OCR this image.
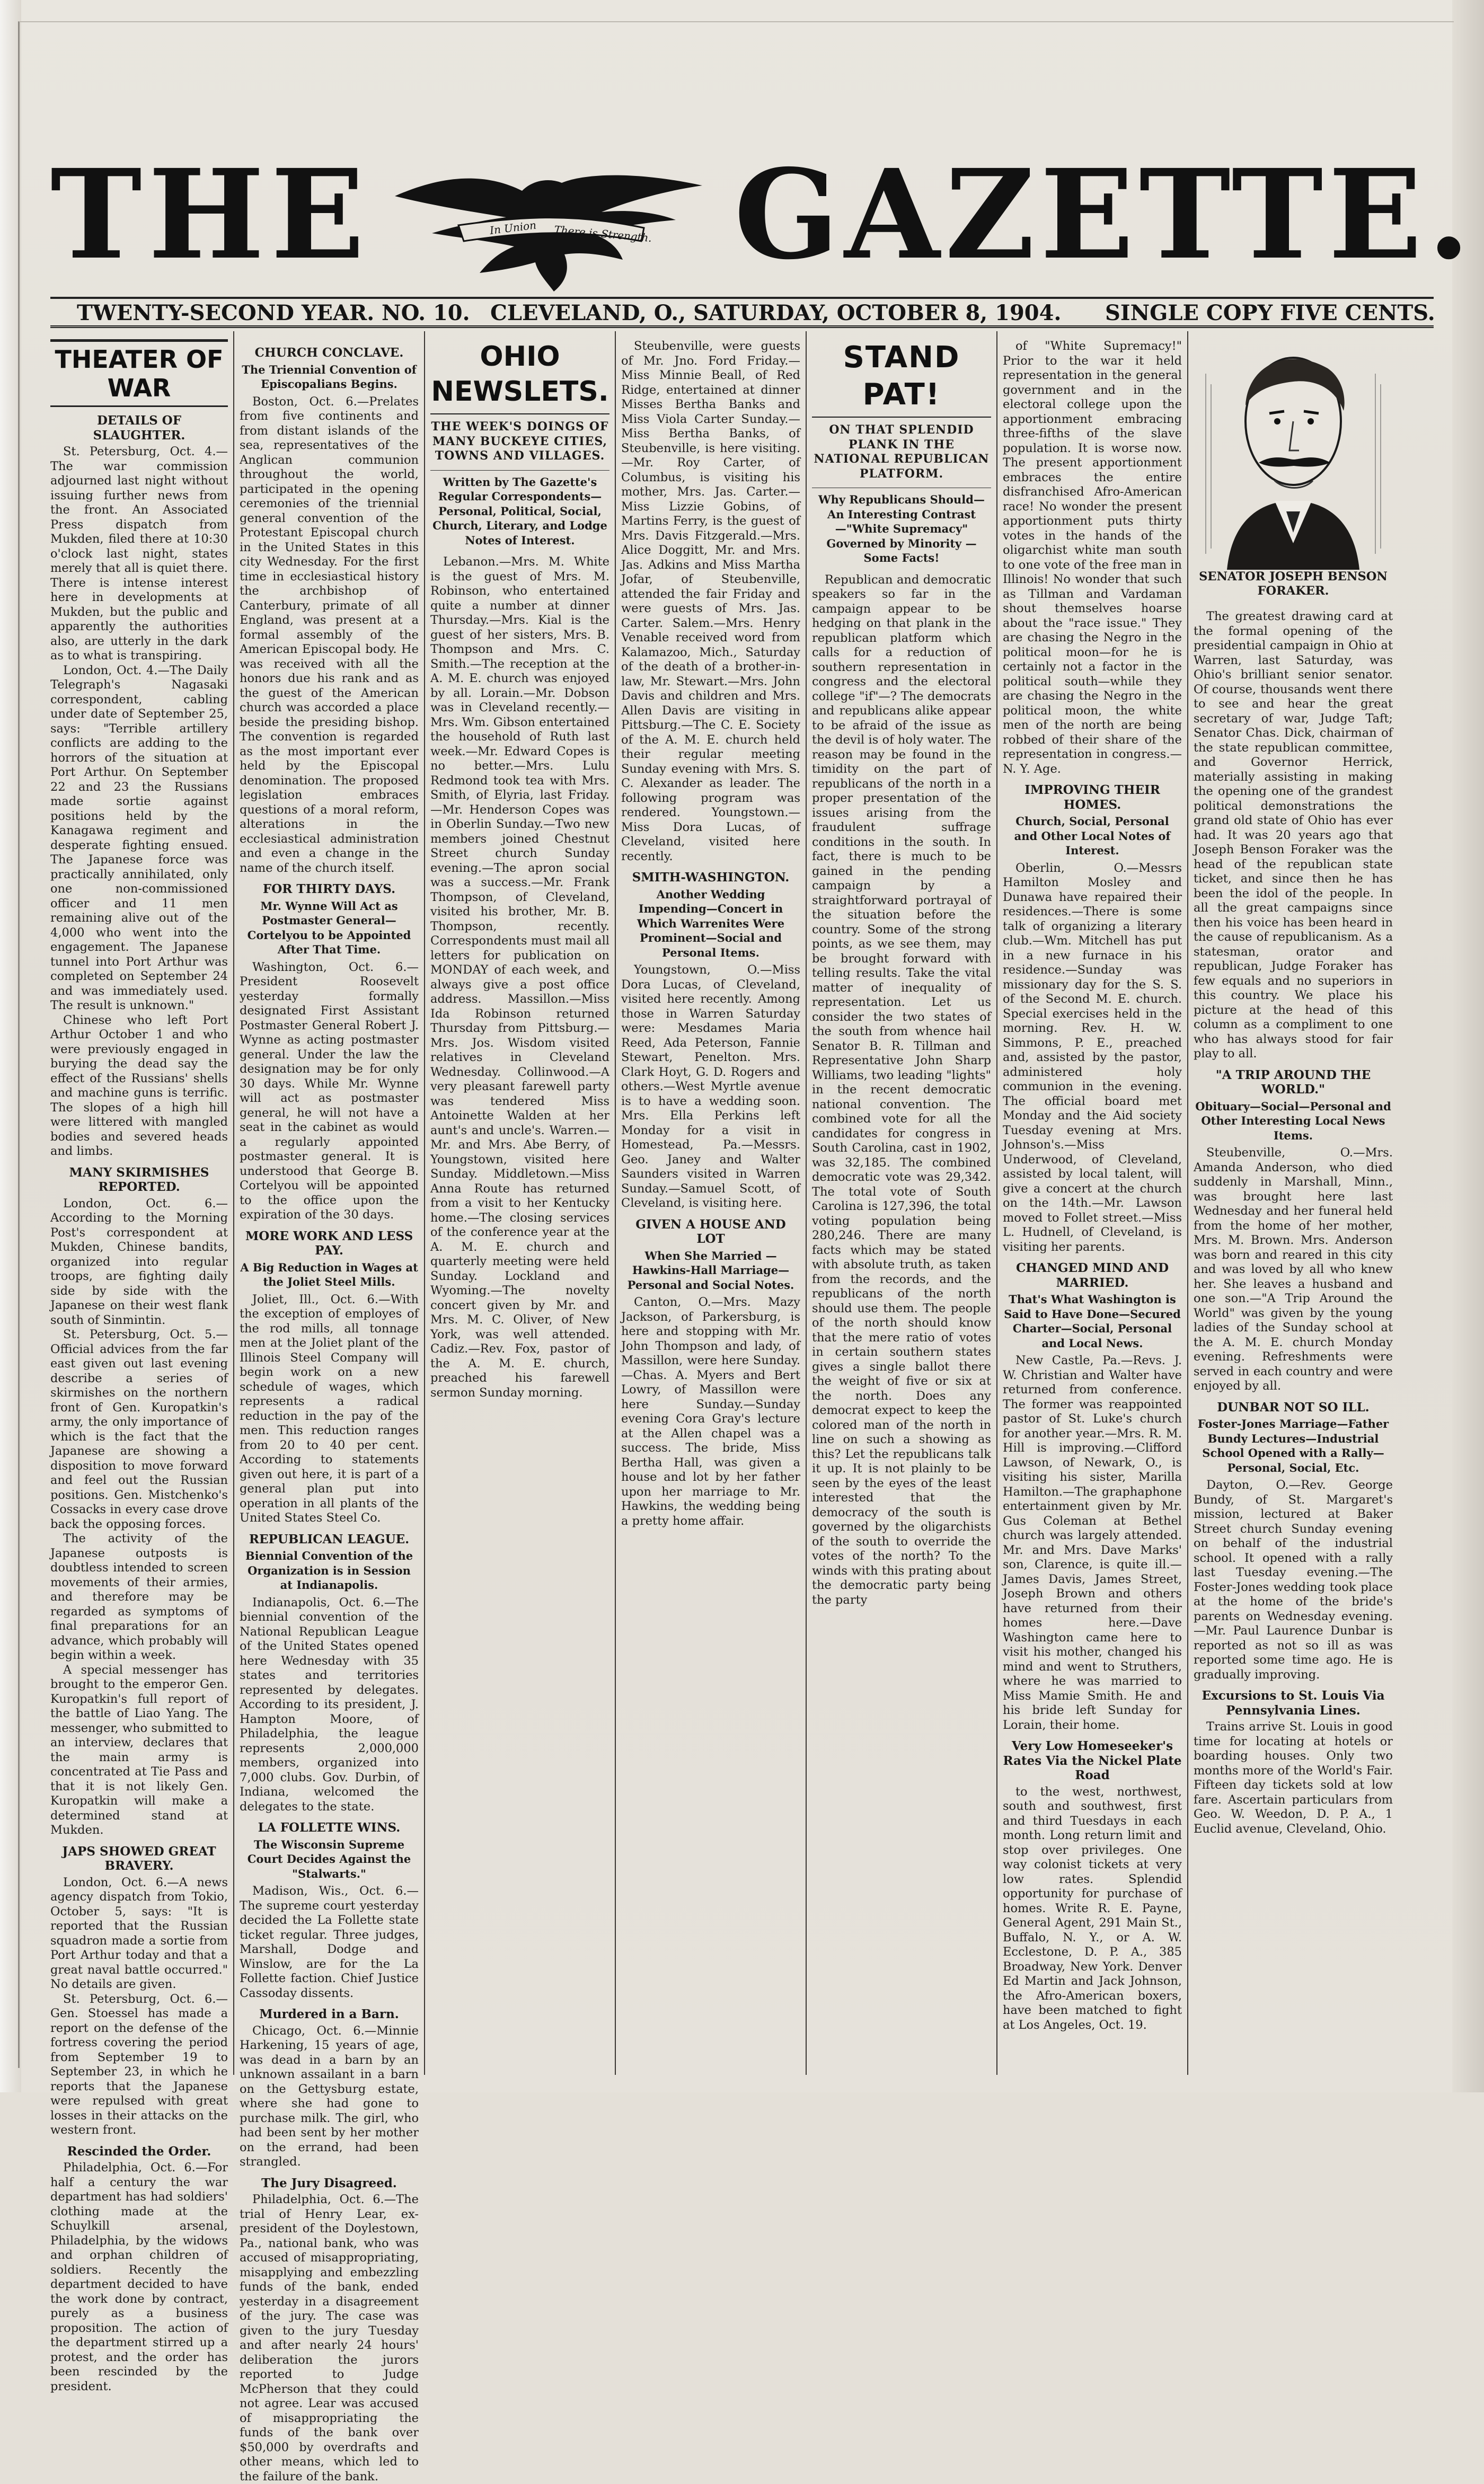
THE	In Union There is Strength. GAZETTE.
TWENTY-SECOND YEAR. NO. 10. CLEVELAND, O., SATURDAY, OCTOBER 8, 1904. SINGLE COPY FIVE CENTS.
THEATER OF WAR
DETAILS OF SLAUGHTER.

St. Petersburg, Oct. 4.—The war commission adjourned last night without issuing further news from the front. An Associated Press dispatch from Mukden, filed there at 10:30 o'clock last night, states merely that all is quiet there. There is intense interest here in developments at Mukden, but the public and apparently the authorities also, are utterly in the dark as to what is transpiring.

London, Oct. 4.—The Daily Telegraph's Nagasaki correspondent, cabling under date of September 25, says: "Terrible artillery conflicts are adding to the horrors of the situation at Port Arthur. On September 22 and 23 the Russians made sortie against positions held by the Kanagawa regiment and desperate fighting ensued. The Japanese force was practically annihilated, only one non-commissioned officer and 11 men remaining alive out of the 4,000 who went into the engagement. The Japanese tunnel into Port Arthur was completed on September 24 and was immediately used. The result is unknown."

Chinese who left Port Arthur October 1 and who were previously engaged in burying the dead say the effect of the Russians' shells and machine guns is terrific. The slopes of a high hill were littered with mangled bodies and severed heads and limbs.

MANY SKIRMISHES REPORTED.

London, Oct. 6.—According to the Morning Post's correspondent at Mukden, Chinese bandits, organized into regular troops, are fighting daily side by side with the Japanese on their west flank south of Sinmintin.

St. Petersburg, Oct. 5.—Official advices from the far east given out last evening describe a series of skirmishes on the northern front of Gen. Kuropatkin's army, the only importance of which is the fact that the Japanese are showing a disposition to move forward and feel out the Russian positions. Gen. Mistchenko's Cossacks in every case drove back the opposing forces.

The activity of the Japanese outposts is doubtless intended to screen movements of their armies, and therefore may be regarded as symptoms of final preparations for an advance, which probably will begin within a week.

A special messenger has brought to the emperor Gen. Kuropatkin's full report of the battle of Liao Yang. The messenger, who submitted to an interview, declares that the main army is concentrated at Tie Pass and that it is not likely Gen. Kuropatkin will make a determined stand at Mukden.

JAPS SHOWED GREAT BRAVERY.

London, Oct. 6.—A news agency dispatch from Tokio, October 5, says: "It is reported that the Russian squadron made a sortie from Port Arthur today and that a great naval battle occurred." No details are given.

St. Petersburg, Oct. 6.—Gen. Stoessel has made a report on the defense of the fortress covering the period from September 19 to September 23, in which he reports that the Japanese were repulsed with great losses in their attacks on the western front.

Rescinded the Order.

Philadelphia, Oct. 6.—For half a century the war department has had soldiers' clothing made at the Schuylkill arsenal, Philadelphia, by the widows and orphan children of soldiers. Recently the department decided to have the work done by contract, purely as a business proposition. The action of the department stirred up a protest, and the order has been rescinded by the president.

CHURCH CONCLAVE.
The Triennial Convention of Episcopalians Begins.

Boston, Oct. 6.—Prelates from five continents and from distant islands of the sea, representatives of the Anglican communion throughout the world, participated in the opening ceremonies of the triennial general convention of the Protestant Episcopal church in the United States in this city Wednesday. For the first time in ecclesiastical history the archbishop of Canterbury, primate of all England, was present at a formal assembly of the American Episcopal body. He was received with all the honors due his rank and as the guest of the American church was accorded a place beside the presiding bishop. The convention is regarded as the most important ever held by the Episcopal denomination. The proposed legislation embraces questions of a moral reform, alterations in the ecclesiastical administration and even a change in the name of the church itself.

FOR THIRTY DAYS.
Mr. Wynne Will Act as Postmaster General—Cortelyou to be Appointed After That Time.

Washington, Oct. 6.—President Roosevelt yesterday formally designated First Assistant Postmaster General Robert J. Wynne as acting postmaster general. Under the law the designation may be for only 30 days. While Mr. Wynne will act as postmaster general, he will not have a seat in the cabinet as would a regularly appointed postmaster general. It is understood that George B. Cortelyou will be appointed to the office upon the expiration of the 30 days.

MORE WORK AND LESS PAY.
A Big Reduction in Wages at the Joliet Steel Mills.

Joliet, Ill., Oct. 6.—With the exception of employes of the rod mills, all tonnage men at the Joliet plant of the Illinois Steel Company will begin work on a new schedule of wages, which represents a radical reduction in the pay of the men. This reduction ranges from 20 to 40 per cent. According to statements given out here, it is part of a general plan put into operation in all plants of the United States Steel Co.

REPUBLICAN LEAGUE.
Biennial Convention of the Organization is in Session at Indianapolis.

Indianapolis, Oct. 6.—The biennial convention of the National Republican League of the United States opened here Wednesday with 35 states and territories represented by delegates. According to its president, J. Hampton Moore, of Philadelphia, the league represents 2,000,000 members, organized into 7,000 clubs. Gov. Durbin, of Indiana, welcomed the delegates to the state.

LA FOLLETTE WINS.
The Wisconsin Supreme Court Decides Against the "Stalwarts."

Madison, Wis., Oct. 6.—The supreme court yesterday decided the La Follette state ticket regular. Three judges, Marshall, Dodge and Winslow, are for the La Follette faction. Chief Justice Cassoday dissents.

Murdered in a Barn.

Chicago, Oct. 6.—Minnie Harkening, 15 years of age, was dead in a barn by an unknown assailant in a barn on the Gettysburg estate, where she had gone to purchase milk. The girl, who had been sent by her mother on the errand, had been strangled.

The Jury Disagreed.

Philadelphia, Oct. 6.—The trial of Henry Lear, ex-president of the Doylestown, Pa., national bank, who was accused of misappropriating, misapplying and embezzling funds of the bank, ended yesterday in a disagreement of the jury. The case was given to the jury Tuesday and after nearly 24 hours' deliberation the jurors reported to Judge McPherson that they could not agree. Lear was accused of misappropriating the funds of the bank over $50,000 by overdrafts and other means, which led to the failure of the bank.

OHIO NEWSLETS.
THE WEEK'S DOINGS OF MANY BUCKEYE CITIES, TOWNS AND VILLAGES.
Written by The Gazette's Regular Correspondents—Personal, Political, Social, Church, Literary, and Lodge Notes of Interest.

Lebanon.—Mrs. M. White is the guest of Mrs. M. Robinson, who entertained quite a number at dinner Thursday.—Mrs. Kial is the guest of her sisters, Mrs. B. Thompson and Mrs. C. Smith.—The reception at the A. M. E. church was enjoyed by all. Lorain.—Mr. Dobson was in Cleveland recently.—Mrs. Wm. Gibson entertained the household of Ruth last week.—Mr. Edward Copes is no better.—Mrs. Lulu Redmond took tea with Mrs. Smith, of Elyria, last Friday.—Mr. Henderson Copes was in Oberlin Sunday.—Two new members joined Chestnut Street church Sunday evening.—The apron social was a success.—Mr. Frank Thompson, of Cleveland, visited his brother, Mr. B. Thompson, recently. Correspondents must mail all letters for publication on MONDAY of each week, and always give a post office address. Massillon.—Miss Ida Robinson returned Thursday from Pittsburg.—Mrs. Jos. Wisdom visited relatives in Cleveland Wednesday. Collinwood.—A very pleasant farewell party was tendered Miss Antoinette Walden at her aunt's and uncle's. Warren.—Mr. and Mrs. Abe Berry, of Youngstown, visited here Sunday. Middletown.—Miss Anna Route has returned from a visit to her Kentucky home.—The closing services of the conference year at the A. M. E. church and quarterly meeting were held Sunday. Lockland and Wyoming.—The novelty concert given by Mr. and Mrs. M. C. Oliver, of New York, was well attended. Cadiz.—Rev. Fox, pastor of the A. M. E. church, preached his farewell sermon Sunday morning.

Steubenville, were guests of Mr. Jno. Ford Friday.—Miss Minnie Beall, of Red Ridge, entertained at dinner Misses Bertha Banks and Miss Viola Carter Sunday.—Miss Bertha Banks, of Steubenville, is here visiting.—Mr. Roy Carter, of Columbus, is visiting his mother, Mrs. Jas. Carter.—Miss Lizzie Gobins, of Martins Ferry, is the guest of Mrs. Davis Fitzgerald.—Mrs. Alice Doggitt, Mr. and Mrs. Jas. Adkins and Miss Martha Jofar, of Steubenville, attended the fair Friday and were guests of Mrs. Jas. Carter. Salem.—Mrs. Henry Venable received word from Kalamazoo, Mich., Saturday of the death of a brother-in-law, Mr. Stewart.—Mrs. John Davis and children and Mrs. Allen Davis are visiting in Pittsburg.—The C. E. Society of the A. M. E. church held their regular meeting Sunday evening with Mrs. S. C. Alexander as leader. The following program was rendered. Youngstown.—Miss Dora Lucas, of Cleveland, visited here recently.

SMITH-WASHINGTON.
Another Wedding Impending—Concert in Which Warrenites Were Prominent—Social and Personal Items.

Youngstown, O.—Miss Dora Lucas, of Cleveland, visited here recently. Among those in Warren Saturday were: Mesdames Maria Reed, Ada Peterson, Fannie Stewart, Penelton. Mrs. Clark Hoyt, G. D. Rogers and others.—West Myrtle avenue is to have a wedding soon. Mrs. Ella Perkins left Monday for a visit in Homestead, Pa.—Messrs. Geo. Janey and Walter Saunders visited in Warren Sunday.—Samuel Scott, of Cleveland, is visiting here.

GIVEN A HOUSE AND LOT
When She Married — Hawkins-Hall Marriage—Personal and Social Notes.

Canton, O.—Mrs. Mazy Jackson, of Parkersburg, is here and stopping with Mr. John Thompson and lady, of Massillon, were here Sunday.—Chas. A. Myers and Bert Lowry, of Massillon were here Sunday.—Sunday evening Cora Gray's lecture at the Allen chapel was a success. The bride, Miss Bertha Hall, was given a house and lot by her father upon her marriage to Mr. Hawkins, the wedding being a pretty home affair.

STAND PAT!
ON THAT SPLENDID PLANK IN THE NATIONAL REPUBLICAN PLATFORM.
Why Republicans Should—An Interesting Contrast—"White Supremacy" Governed by Minority — Some Facts!

Republican and democratic speakers so far in the campaign appear to be hedging on that plank in the republican platform which calls for a reduction of southern representation in congress and the electoral college "if"—? The democrats and republicans alike appear to be afraid of the issue as the devil is of holy water. The reason may be found in the timidity on the part of republicans of the north in a proper presentation of the issues arising from the fraudulent suffrage conditions in the south. In fact, there is much to be gained in the pending campaign by a straightforward portrayal of the situation before the country. Some of the strong points, as we see them, may be brought forward with telling results. Take the vital matter of inequality of representation. Let us consider the two states of the south from whence hail Senator B. R. Tillman and Representative John Sharp Williams, two leading "lights" in the recent democratic national convention. The combined vote for all the candidates for congress in South Carolina, cast in 1902, was 32,185. The combined democratic vote was 29,342. The total vote of South Carolina is 127,396, the total voting population being 280,246. There are many facts which may be stated with absolute truth, as taken from the records, and the republicans of the north should use them. The people of the north should know that the mere ratio of votes in certain southern states gives a single ballot there the weight of five or six at the north. Does any democrat expect to keep the colored man of the north in line on such a showing as this? Let the republicans talk it up. It is not plainly to be seen by the eyes of the least interested that the democracy of the south is governed by the oligarchists of the south to override the votes of the north? To the winds with this prating about the democratic party being the party

of "White Supremacy!" Prior to the war it held representation in the general government and in the electoral college upon the apportionment embracing three-fifths of the slave population. It is worse now. The present apportionment embraces the entire disfranchised Afro-American race! No wonder the present apportionment puts thirty votes in the hands of the oligarchist white man south to one vote of the free man in Illinois! No wonder that such as Tillman and Vardaman shout themselves hoarse about the "race issue." They are chasing the Negro in the political moon—for he is certainly not a factor in the political south—while they are chasing the Negro in the political moon, the white men of the north are being robbed of their share of the representation in congress.—N. Y. Age.

IMPROVING THEIR HOMES.
Church, Social, Personal and Other Local Notes of Interest.

Oberlin, O.—Messrs Hamilton Mosley and Dunawa have repaired their residences.—There is some talk of organizing a literary club.—Wm. Mitchell has put in a new furnace in his residence.—Sunday was missionary day for the S. S. of the Second M. E. church. Special exercises held in the morning. Rev. H. W. Simmons, P. E., preached and, assisted by the pastor, administered holy communion in the evening. The official board met Monday and the Aid society Tuesday evening at Mrs. Johnson's.—Miss Underwood, of Cleveland, assisted by local talent, will give a concert at the church on the 14th.—Mr. Lawson moved to Follet street.—Miss L. Hudnell, of Cleveland, is visiting her parents.

CHANGED MIND AND MARRIED.
That's What Washington is Said to Have Done—Secured Charter—Social, Personal and Local News.

New Castle, Pa.—Revs. J. W. Christian and Walter have returned from conference. The former was reappointed pastor of St. Luke's church for another year.—Mrs. R. M. Hill is improving.—Clifford Lawson, of Newark, O., is visiting his sister, Marilla Hamilton.—The graphaphone entertainment given by Mr. Gus Coleman at Bethel church was largely attended. Mr. and Mrs. Dave Marks' son, Clarence, is quite ill.—James Davis, James Street, Joseph Brown and others have returned from their homes here.—Dave Washington came here to visit his mother, changed his mind and went to Struthers, where he was married to Miss Mamie Smith. He and his bride left Sunday for Lorain, their home.

Very Low Homeseeker's Rates Via the Nickel Plate Road

to the west, northwest, south and southwest, first and third Tuesdays in each month. Long return limit and stop over privileges. One way colonist tickets at very low rates. Splendid opportunity for purchase of homes. Write R. E. Payne, General Agent, 291 Main St., Buffalo, N. Y., or A. W. Ecclestone, D. P. A., 385 Broadway, New York. Denver Ed Martin and Jack Johnson, the Afro-American boxers, have been matched to fight at Los Angeles, Oct. 19.

SENATOR JOSEPH BENSON FORAKER.

The greatest drawing card at the formal opening of the presidential campaign in Ohio at Warren, last Saturday, was Ohio's brilliant senior senator. Of course, thousands went there to see and hear the great secretary of war, Judge Taft; Senator Chas. Dick, chairman of the state republican committee, and Governor Herrick, materially assisting in making the opening one of the grandest political demonstrations the grand old state of Ohio has ever had. It was 20 years ago that Joseph Benson Foraker was the head of the republican state ticket, and since then he has been the idol of the people. In all the great campaigns since then his voice has been heard in the cause of republicanism. As a statesman, orator and republican, Judge Foraker has few equals and no superiors in this country. We place his picture at the head of this column as a compliment to one who has always stood for fair play to all.

"A TRIP AROUND THE WORLD."
Obituary—Social—Personal and Other Interesting Local News Items.

Steubenville, O.—Mrs. Amanda Anderson, who died suddenly in Marshall, Minn., was brought here last Wednesday and her funeral held from the home of her mother, Mrs. M. Brown. Mrs. Anderson was born and reared in this city and was loved by all who knew her. She leaves a husband and one son.—"A Trip Around the World" was given by the young ladies of the Sunday school at the A. M. E. church Monday evening. Refreshments were served in each country and were enjoyed by all.

DUNBAR NOT SO ILL.
Foster-Jones Marriage—Father Bundy Lectures—Industrial School Opened with a Rally—Personal, Social, Etc.

Dayton, O.—Rev. George Bundy, of St. Margaret's mission, lectured at Baker Street church Sunday evening on behalf of the industrial school. It opened with a rally last Tuesday evening.—The Foster-Jones wedding took place at the home of the bride's parents on Wednesday evening.—Mr. Paul Laurence Dunbar is reported as not so ill as was reported some time ago. He is gradually improving.

Excursions to St. Louis Via Pennsylvania Lines.

Trains arrive St. Louis in good time for locating at hotels or boarding houses. Only two months more of the World's Fair. Fifteen day tickets sold at low fare. Ascertain particulars from Geo. W. Weedon, D. P. A., 1 Euclid avenue, Cleveland, Ohio.
